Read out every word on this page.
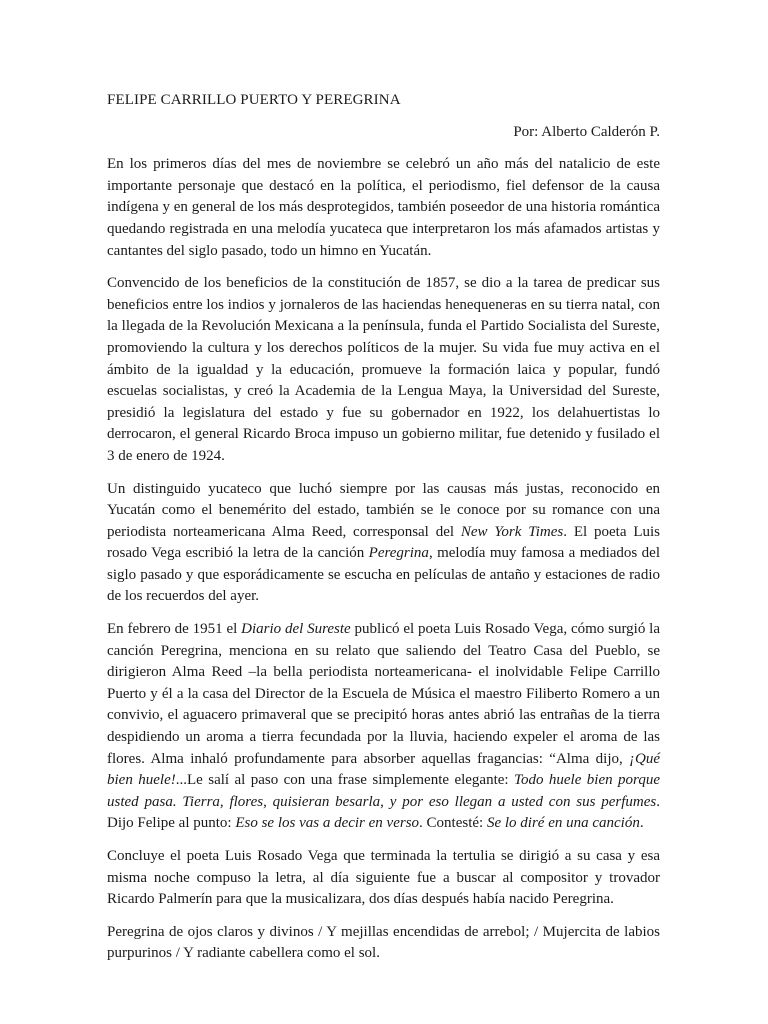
FELIPE CARRILLO PUERTO Y PEREGRINA

Por: Alberto Calderón P.

En los primeros días del mes de noviembre se celebró un año más del natalicio de este importante personaje que destacó en la política, el periodismo, fiel defensor de la causa indígena y en general de los más desprotegidos, también poseedor de una historia romántica quedando registrada en una melodía yucateca que interpretaron los más afamados artistas y cantantes del siglo pasado, todo un himno en Yucatán.

Convencido de los beneficios de la constitución de 1857, se dio a la tarea de predicar sus beneficios entre los indios y jornaleros de las haciendas henequeneras en su tierra natal, con la llegada de la Revolución Mexicana a la península, funda el Partido Socialista del Sureste, promoviendo la cultura y los derechos políticos de la mujer. Su vida fue muy activa en el ámbito de la igualdad y la educación, promueve la formación laica y popular, fundó escuelas socialistas, y creó la Academia de la Lengua Maya, la Universidad del Sureste, presidió la legislatura del estado y fue su gobernador en 1922, los delahuertistas lo derrocaron, el general Ricardo Broca impuso un gobierno militar, fue detenido y fusilado el 3 de enero de 1924.

Un distinguido yucateco que luchó siempre por las causas más justas, reconocido en Yucatán como el benemérito del estado, también se le conoce por su romance con una periodista norteamericana Alma Reed, corresponsal del New York Times. El poeta Luis rosado Vega escribió la letra de la canción Peregrina, melodía muy famosa a mediados del siglo pasado y que esporádicamente se escucha en películas de antaño y estaciones de radio de los recuerdos del ayer.

En febrero de 1951 el Diario del Sureste publicó el poeta Luis Rosado Vega, cómo surgió la canción Peregrina, menciona en su relato que saliendo del Teatro Casa del Pueblo, se dirigieron Alma Reed –la bella periodista norteamericana- el inolvidable Felipe Carrillo Puerto y él a la casa del Director de la Escuela de Música el maestro Filiberto Romero a un convivio, el aguacero primaveral que se precipitó horas antes abrió las entrañas de la tierra despidiendo un aroma a tierra fecundada por la lluvia, haciendo expeler el aroma de las flores. Alma inhaló profundamente para absorber aquellas fragancias: “Alma dijo, ¡Qué bien huele!...Le salí al paso con una frase simplemente elegante: Todo huele bien porque usted pasa. Tierra, flores, quisieran besarla, y por eso llegan a usted con sus perfumes. Dijo Felipe al punto: Eso se los vas a decir en verso. Contesté: Se lo diré en una canción.

Concluye el poeta Luis Rosado Vega que terminada la tertulia se dirigió a su casa y esa misma noche compuso la letra, al día siguiente fue a buscar al compositor y trovador Ricardo Palmerín para que la musicalizara, dos días después había nacido Peregrina.

Peregrina de ojos claros y divinos / Y mejillas encendidas de arrebol; / Mujercita de labios purpurinos / Y radiante cabellera como el sol.
